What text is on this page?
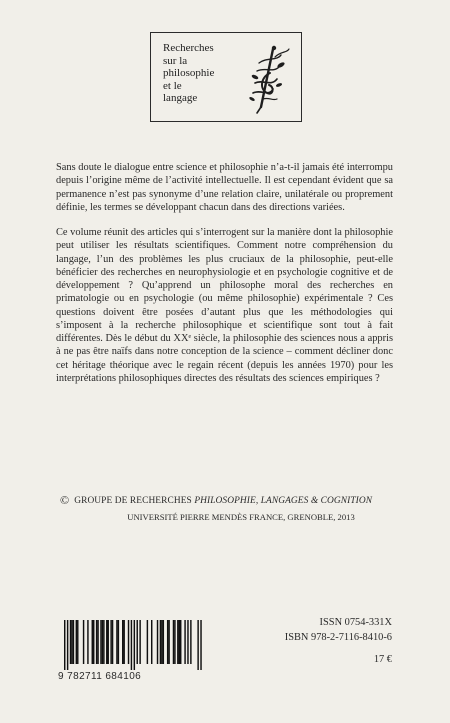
Recherches
sur la
philosophie
et le
langage

Sans doute le dialogue entre science et philosophie n’a-t-il jamais été interrompu depuis l’origine même de l’activité intellectuelle. Il est cependant évident que sa permanence n’est pas synonyme d’une relation claire, unilatérale ou proprement définie, les termes se développant chacun dans des directions variées.

Ce volume réunit des articles qui s’interrogent sur la manière dont la philosophie peut utiliser les résultats scientifiques. Comment notre compréhension du langage, l’un des problèmes les plus cruciaux de la philosophie, peut-elle bénéficier des recherches en neurophysiologie et en psychologie cognitive et de développement ? Qu’apprend un philosophe moral des recherches en primatologie ou en psychologie (ou même philosophie) expérimentale ? Ces questions doivent être posées d’autant plus que les méthodologies qui s’imposent à la recherche philosophique et scientifique sont tout à fait différentes. Dès le début du XXᵉ siècle, la philosophie des sciences nous a appris à ne pas être naïfs dans notre conception de la science – comment décliner donc cet héritage théorique avec le regain récent (depuis les années 1970) pour les interprétations philosophiques directes des résultats des sciences empiriques ?

© GROUPE DE RECHERCHES PHILOSOPHIE, LANGAGES & COGNITION
UNIVERSITÉ PIERRE MENDÈS FRANCE, GRENOBLE, 2013
9 782711 684106
ISSN 0754-331X
ISBN 978-2-7116-8410-6
17 €
